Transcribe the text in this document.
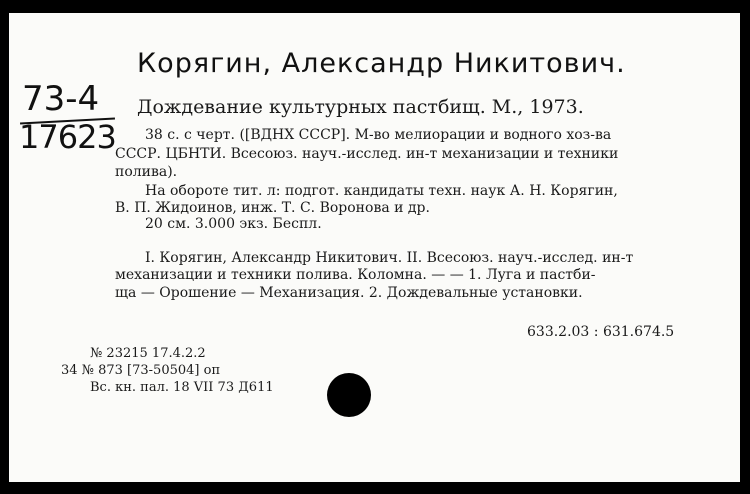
Корягин, Александр Никитович.
73-4
17623
Дождевание культурных пастбищ. М., 1973.
38 с. с черт. ([ВДНХ СССР]. М-во мелиорации и водного хоз-ва
СССР. ЦБНТИ. Всесоюз. науч.-исслед. ин-т механизации и техники
полива).
На обороте тит. л: подгот. кандидаты техн. наук А. Н. Корягин,
В. П. Жидоинов, инж. Т. С. Воронова и др.
20 см. 3.000 экз. Беспл.
I. Корягин, Александр Никитович. II. Всесоюз. науч.-исслед. ин-т
механизации и техники полива. Коломна. — — 1. Луга и пастби-
ща — Орошение — Механизация. 2. Дождевальные установки.
633.2.03 : 631.674.5
№ 23215 17.4.2.2
34 № 873 [73-50504] оп
Вс. кн. пал. 18 VII 73 Д611
